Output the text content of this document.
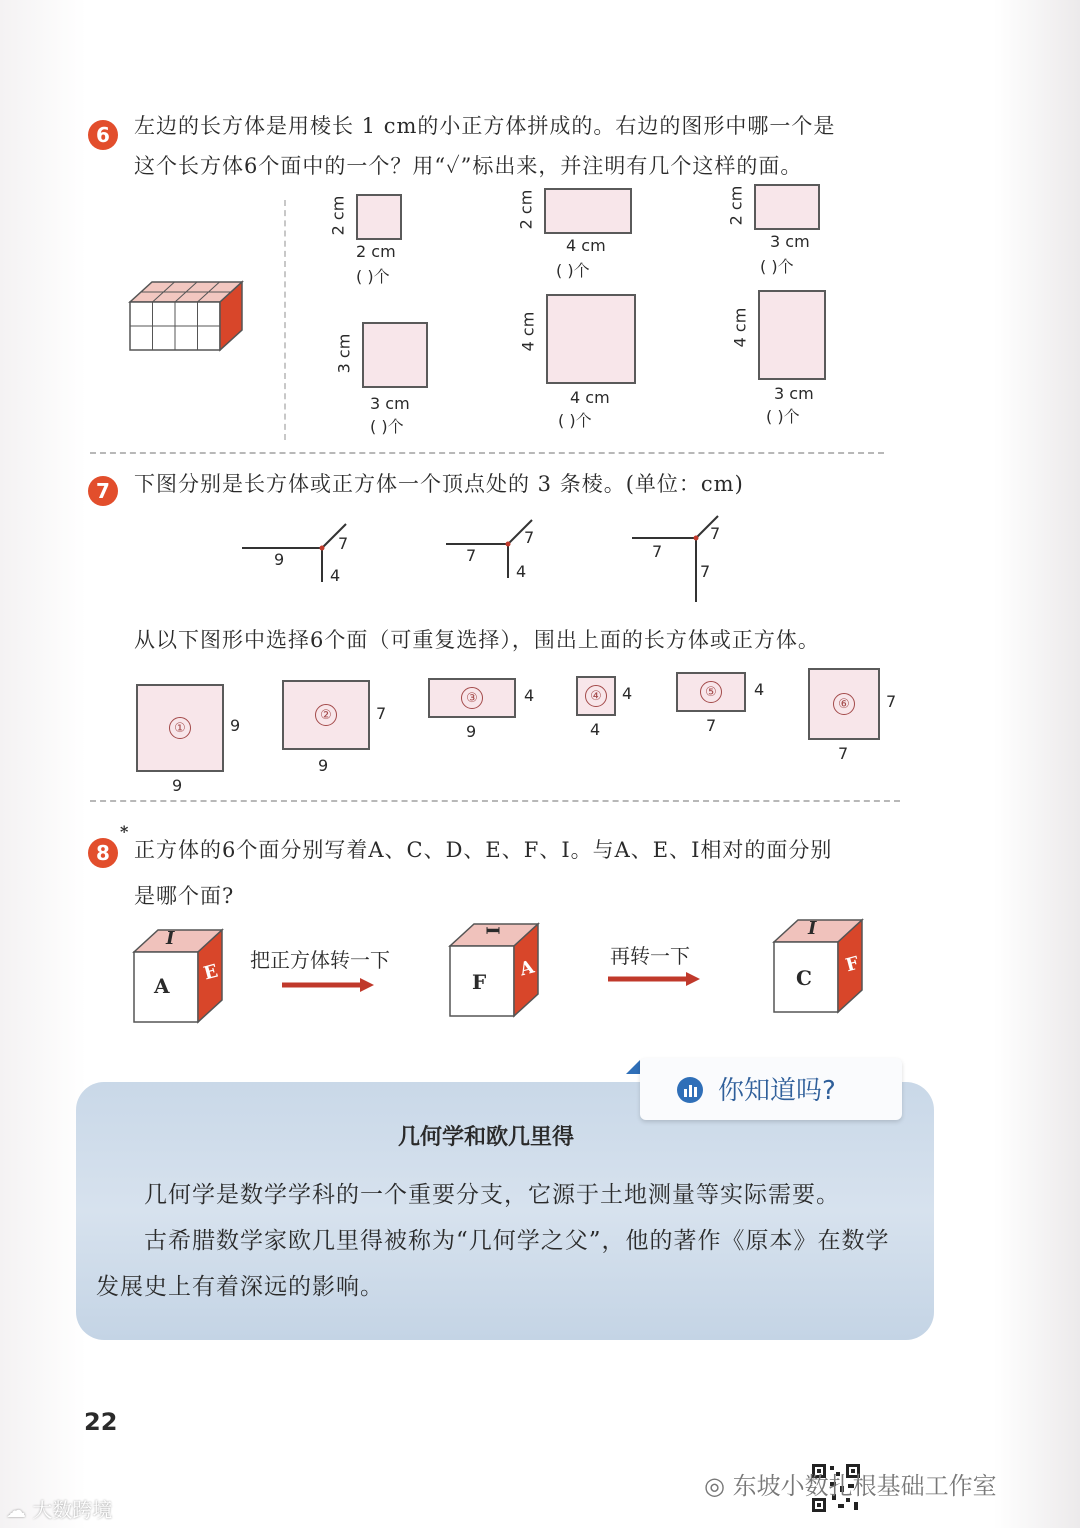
6	左边的长方体是用棱长 1 cm的小正方体拼成的。右边的图形中哪一个是
这个长方体6个面中的一个？用“✓”标出来，并注明有几个这样的面。
2 cm
2 cm
( )个
2 cm
4 cm
( )个
2 cm
3 cm
( )个
3 cm
3 cm
( )个
4 cm
4 cm
( )个
4 cm
3 cm
( )个
7	下图分别是长方体或正方体一个顶点处的 3 条棱。(单位：cm)
9
7
4
7
7
4
7
7
7
从以下图形中选择6个面（可重复选择），围出上面的长方体或正方体。
①	9
9
②	7
9
③	4
9
④	4
4
⑤	4
7
⑥	7
7
8
*
正方体的6个面分别写着A、C、D、E、F、I。与A、E、I相对的面分别
是哪个面?
I
A
E
把正方体转一下
I
F
A
再转一下
I
C
F
你知道吗?
几何学和欧几里得
几何学是数学学科的一个重要分支，它源于土地测量等实际需要。
古希腊数学家欧几里得被称为“几何学之父”，他的著作《原本》在数学
发展史上有着深远的影响。
22
☁ 大数跨境
◎ 东坡小数扎根基础工作室
